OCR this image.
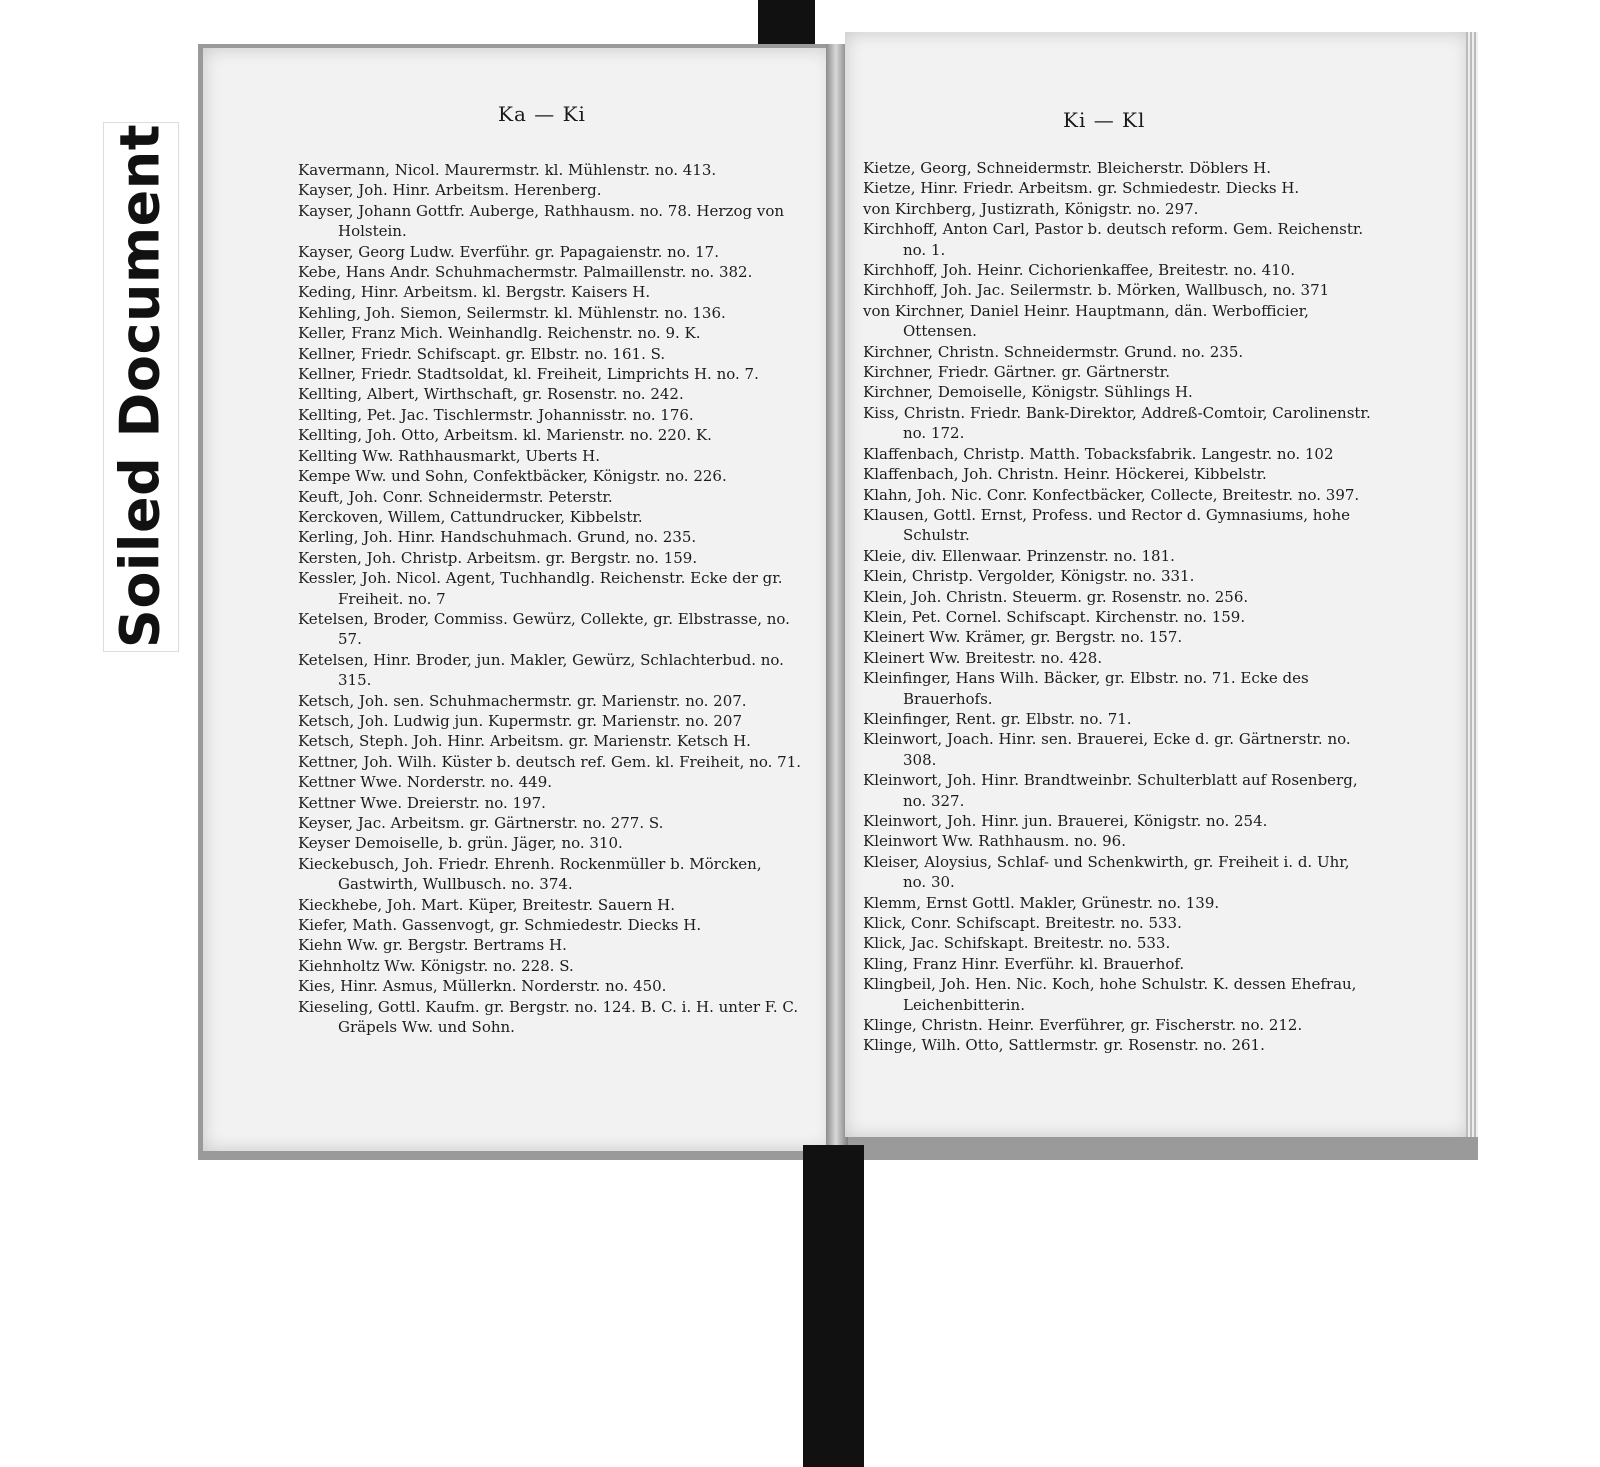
Soiled Document
Ka — Ki
Kavermann, Nicol. Maurermstr. kl. Mühlenstr. no. 413.
Kayser, Joh. Hinr. Arbeitsm. Herenberg.
Kayser, Johann Gottfr. Auberge, Rathhausm. no. 78. Herzog von Holstein.
Kayser, Georg Ludw. Everführ. gr. Papagaienstr. no. 17.
Kebe, Hans Andr. Schuhmachermstr. Palmaillenstr. no. 382.
Keding, Hinr. Arbeitsm. kl. Bergstr. Kaisers H.
Kehling, Joh. Siemon, Seilermstr. kl. Mühlenstr. no. 136.
Keller, Franz Mich. Weinhandlg. Reichenstr. no. 9. K.
Kellner, Friedr. Schifscapt. gr. Elbstr. no. 161. S.
Kellner, Friedr. Stadtsoldat, kl. Freiheit, Limprichts H. no. 7.
Kellting, Albert, Wirthschaft, gr. Rosenstr. no. 242.
Kellting, Pet. Jac. Tischlermstr. Johannisstr. no. 176.
Kellting, Joh. Otto, Arbeitsm. kl. Marienstr. no. 220. K.
Kellting Ww. Rathhausmarkt, Uberts H.
Kempe Ww. und Sohn, Confektbäcker, Königstr. no. 226.
Keuft, Joh. Conr. Schneidermstr. Peterstr.
Kerckoven, Willem, Cattundrucker, Kibbelstr.
Kerling, Joh. Hinr. Handschuhmach. Grund, no. 235.
Kersten, Joh. Christp. Arbeitsm. gr. Bergstr. no. 159.
Kessler, Joh. Nicol. Agent, Tuchhandlg. Reichenstr. Ecke der gr. Freiheit. no. 7
Ketelsen, Broder, Commiss. Gewürz, Collekte, gr. Elbstrasse, no. 57.
Ketelsen, Hinr. Broder, jun. Makler, Gewürz, Schlachterbud. no. 315.
Ketsch, Joh. sen. Schuhmachermstr. gr. Marienstr. no. 207.
Ketsch, Joh. Ludwig jun. Kupermstr. gr. Marienstr. no. 207
Ketsch, Steph. Joh. Hinr. Arbeitsm. gr. Marienstr. Ketsch H.
Kettner, Joh. Wilh. Küster b. deutsch ref. Gem. kl. Freiheit, no. 71.
Kettner Wwe. Norderstr. no. 449.
Kettner Wwe. Dreierstr. no. 197.
Keyser, Jac. Arbeitsm. gr. Gärtnerstr. no. 277. S.
Keyser Demoiselle, b. grün. Jäger, no. 310.
Kieckebusch, Joh. Friedr. Ehrenh. Rockenmüller b. Mörcken, Gastwirth, Wullbusch. no. 374.
Kieckhebe, Joh. Mart. Küper, Breitestr. Sauern H.
Kiefer, Math. Gassenvogt, gr. Schmiedestr. Diecks H.
Kiehn Ww. gr. Bergstr. Bertrams H.
Kiehnholtz Ww. Königstr. no. 228. S.
Kies, Hinr. Asmus, Müllerkn. Norderstr. no. 450.
Kieseling, Gottl. Kaufm. gr. Bergstr. no. 124. B. C. i. H. unter F. C. Gräpels Ww. und Sohn.
Ki — Kl
Kietze, Georg, Schneidermstr. Bleicherstr. Döblers H.
Kietze, Hinr. Friedr. Arbeitsm. gr. Schmiedestr. Diecks H.
von Kirchberg, Justizrath, Königstr. no. 297.
Kirchhoff, Anton Carl, Pastor b. deutsch reform. Gem. Reichenstr. no. 1.
Kirchhoff, Joh. Heinr. Cichorienkaffee, Breitestr. no. 410.
Kirchhoff, Joh. Jac. Seilermstr. b. Mörken, Wallbusch, no. 371
von Kirchner, Daniel Heinr. Hauptmann, dän. Werbofficier, Ottensen.
Kirchner, Christn. Schneidermstr. Grund. no. 235.
Kirchner, Friedr. Gärtner. gr. Gärtnerstr.
Kirchner, Demoiselle, Königstr. Sühlings H.
Kiss, Christn. Friedr. Bank-Direktor, Addreß-Comtoir, Carolinenstr. no. 172.
Klaffenbach, Christp. Matth. Tobacksfabrik. Langestr. no. 102
Klaffenbach, Joh. Christn. Heinr. Höckerei, Kibbelstr.
Klahn, Joh. Nic. Conr. Konfectbäcker, Collecte, Breitestr. no. 397.
Klausen, Gottl. Ernst, Profess. und Rector d. Gymnasiums, hohe Schulstr.
Kleie, div. Ellenwaar. Prinzenstr. no. 181.
Klein, Christp. Vergolder, Königstr. no. 331.
Klein, Joh. Christn. Steuerm. gr. Rosenstr. no. 256.
Klein, Pet. Cornel. Schifscapt. Kirchenstr. no. 159.
Kleinert Ww. Krämer, gr. Bergstr. no. 157.
Kleinert Ww. Breitestr. no. 428.
Kleinfinger, Hans Wilh. Bäcker, gr. Elbstr. no. 71. Ecke des Brauerhofs.
Kleinfinger, Rent. gr. Elbstr. no. 71.
Kleinwort, Joach. Hinr. sen. Brauerei, Ecke d. gr. Gärtnerstr. no. 308.
Kleinwort, Joh. Hinr. Brandtweinbr. Schulterblatt auf Rosenberg, no. 327.
Kleinwort, Joh. Hinr. jun. Brauerei, Königstr. no. 254.
Kleinwort Ww. Rathhausm. no. 96.
Kleiser, Aloysius, Schlaf- und Schenkwirth, gr. Freiheit i. d. Uhr, no. 30.
Klemm, Ernst Gottl. Makler, Grünestr. no. 139.
Klick, Conr. Schifscapt. Breitestr. no. 533.
Klick, Jac. Schifskapt. Breitestr. no. 533.
Kling, Franz Hinr. Everführ. kl. Brauerhof.
Klingbeil, Joh. Hen. Nic. Koch, hohe Schulstr. K. dessen Ehefrau, Leichenbitterin.
Klinge, Christn. Heinr. Everführer, gr. Fischerstr. no. 212.
Klinge, Wilh. Otto, Sattlermstr. gr. Rosenstr. no. 261.
